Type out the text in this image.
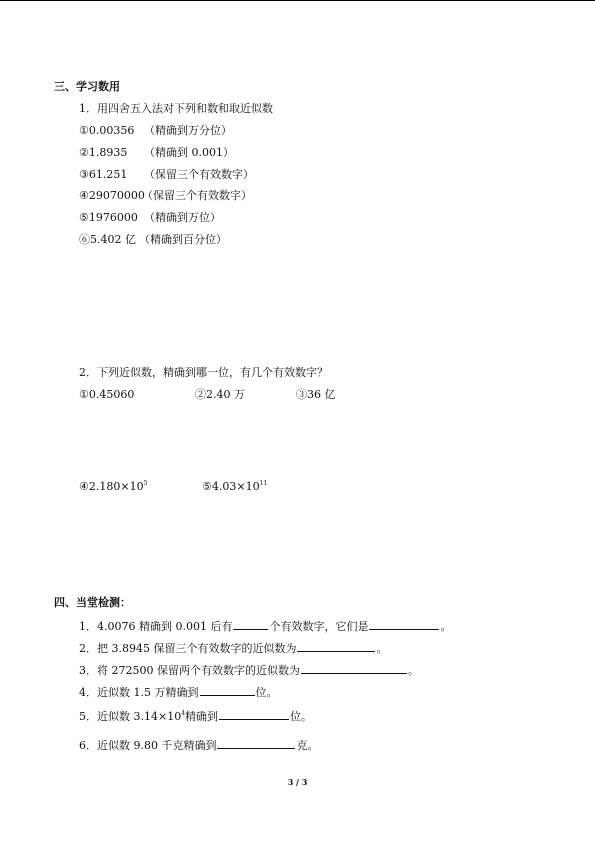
三、学习数用
1．用四舍五入法对下列和数和取近似数
①0.00356 （精确到万分位）
②1.8935 （精确到 0.001）
③61.251 （保留三个有效数字）
④29070000
（保留三个有效数字）
⑤1976000 （精确到万位）
⑥5.402 亿 （精确到百分位）
2．下列近似数，精确到哪一位，有几个有效数字？
①0.45060	②2.40 万	③36 亿
$④2.180\times 10^5$	$⑤4.03\times 10^{11}$
四、当堂检测：
1．4.0076 精确到 0.001 后有	个有效数字，它们是	。
2．把 3.8945 保留三个有效数字的近似数为	。
3．将 272500 保留两个有效数字的近似数为	。
4．近似数 1.5 万精确到	位。
5．近似数 $3.14\times 10^4$精确到	位。
6．近似数 9.80 千克精确到	克。
3 / 3
